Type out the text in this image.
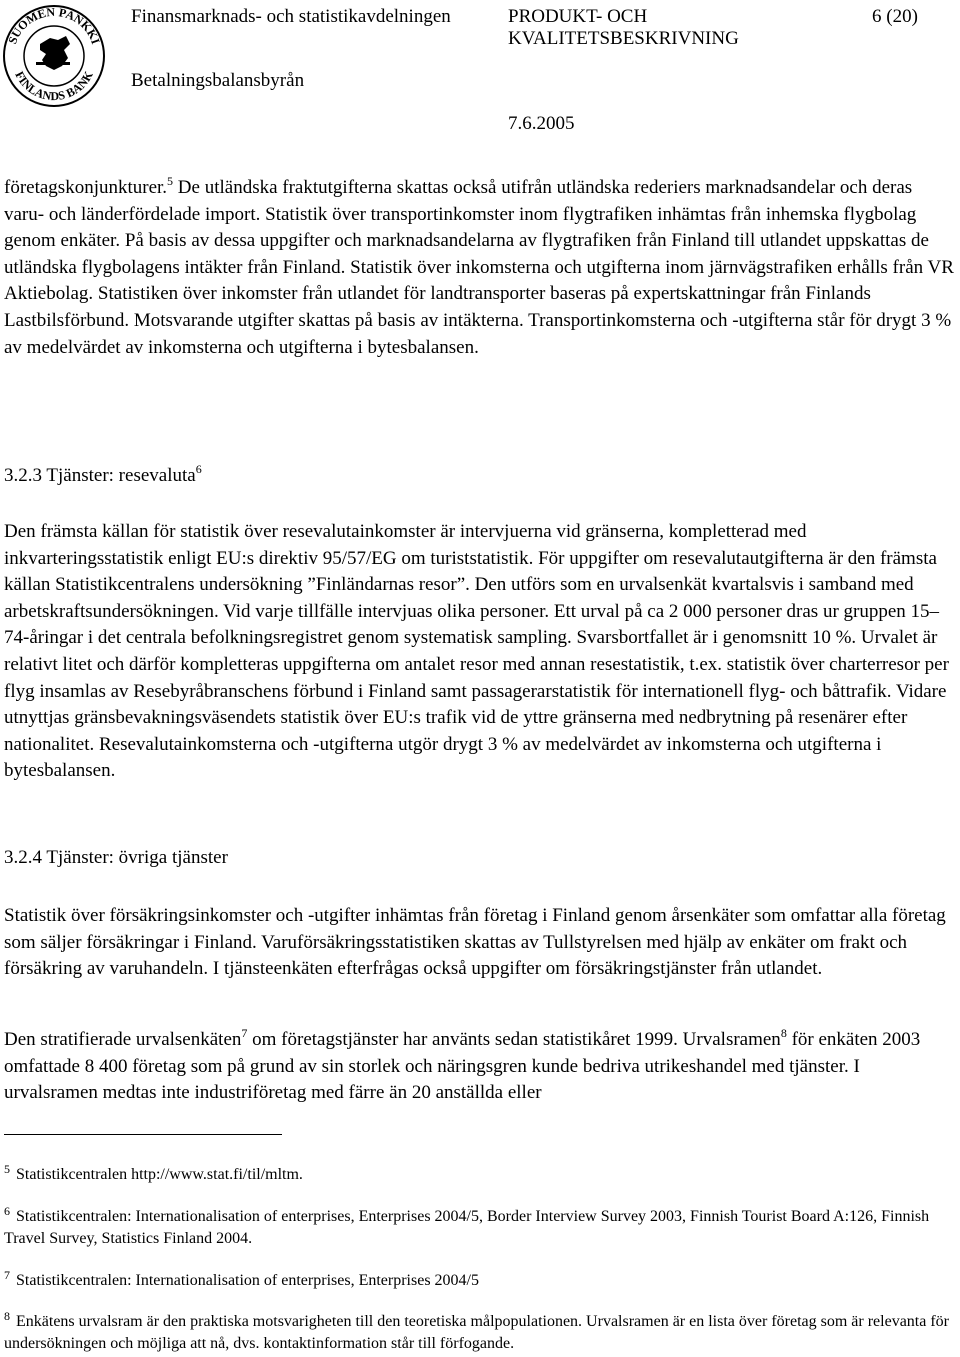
SUOMEN PANKKI
FINLANDS BANK
Finansmarknads- och statistikavdelningen	PRODUKT- OCH
KVALITETSBESKRIVNING
6 (20)
Betalningsbalansbyrån
7.6.2005

företagskonjunkturer.$^5$ De utländska fraktutgifterna skattas också utifrån utländska rederiers marknadsandelar och deras varu- och länderfördelade import. Statistik över transportinkomster inom flygtrafiken inhämtas från inhemska flygbolag genom enkäter. På basis av dessa uppgifter och marknadsandelarna av flygtrafiken från Finland till utlandet uppskattas de utländska flygbolagens intäkter från Finland. Statistik över inkomsterna och utgifterna inom järnvägstrafiken erhålls från VR Aktiebolag. Statistiken över inkomster från utlandet för landtransporter baseras på expertskattningar från Finlands Lastbilsförbund. Motsvarande utgifter skattas på basis av intäkterna. Transportinkomsterna och -utgifterna står för drygt 3 % av medelvärdet av inkomsterna och utgifterna i bytesbalansen.

3.2.3 Tjänster: resevaluta$^6$

Den främsta källan för statistik över resevalutainkomster är intervjuerna vid gränserna, kompletterad med inkvarteringsstatistik enligt EU:s direktiv 95/57/EG om turiststatistik. För uppgifter om resevalutautgifterna är den främsta källan Statistikcentralens undersökning ”Finländarnas resor”. Den utförs som en urvalsenkät kvartalsvis i samband med arbetskraftsundersökningen. Vid varje tillfälle intervjuas olika personer. Ett urval på ca 2 000 personer dras ur gruppen 15–74-åringar i det centrala befolkningsregistret genom systematisk sampling. Svarsbortfallet är i genomsnitt 10 %. Urvalet är relativt litet och därför kompletteras uppgifterna om antalet resor med annan resestatistik, t.ex. statistik över charterresor per flyg insamlas av Resebyråbranschens förbund i Finland samt passagerarstatistik för internationell flyg- och båttrafik. Vidare utnyttjas gränsbevakningsväsendets statistik över EU:s trafik vid de yttre gränserna med nedbrytning på resenärer efter nationalitet. Resevalutainkomsterna och -utgifterna utgör drygt 3 % av medelvärdet av inkomsterna och utgifterna i bytesbalansen.

3.2.4 Tjänster: övriga tjänster

Statistik över försäkringsinkomster och -utgifter inhämtas från företag i Finland genom årsenkäter som omfattar alla företag som säljer försäkringar i Finland. Varuförsäkringsstatistiken skattas av Tullstyrelsen med hjälp av enkäter om frakt och försäkring av varuhandeln. I tjänsteenkäten efterfrågas också uppgifter om försäkringstjänster från utlandet.

Den stratifierade urvalsenkäten$^7$ om företagstjänster har använts sedan statistikåret 1999. Urvalsramen$^8$ för enkäten 2003 omfattade 8 400 företag som på grund av sin storlek och näringsgren kunde bedriva utrikeshandel med tjänster. I urvalsramen medtas inte industriföretag med färre än 20 anställda eller

$^5$ Statistikcentralen http://www.stat.fi/til/mltm.

$^6$ Statistikcentralen: Internationalisation of enterprises, Enterprises 2004/5, Border Interview Survey 2003, Finnish Tourist Board A:126, Finnish Travel Survey, Statistics Finland 2004.

$^7$ Statistikcentralen: Internationalisation of enterprises, Enterprises 2004/5

$^8$ Enkätens urvalsram är den praktiska motsvarigheten till den teoretiska målpopulationen. Urvalsramen är en lista över företag som är relevanta för undersökningen och möjliga att nå, dvs. kontaktinformation står till förfogande.
